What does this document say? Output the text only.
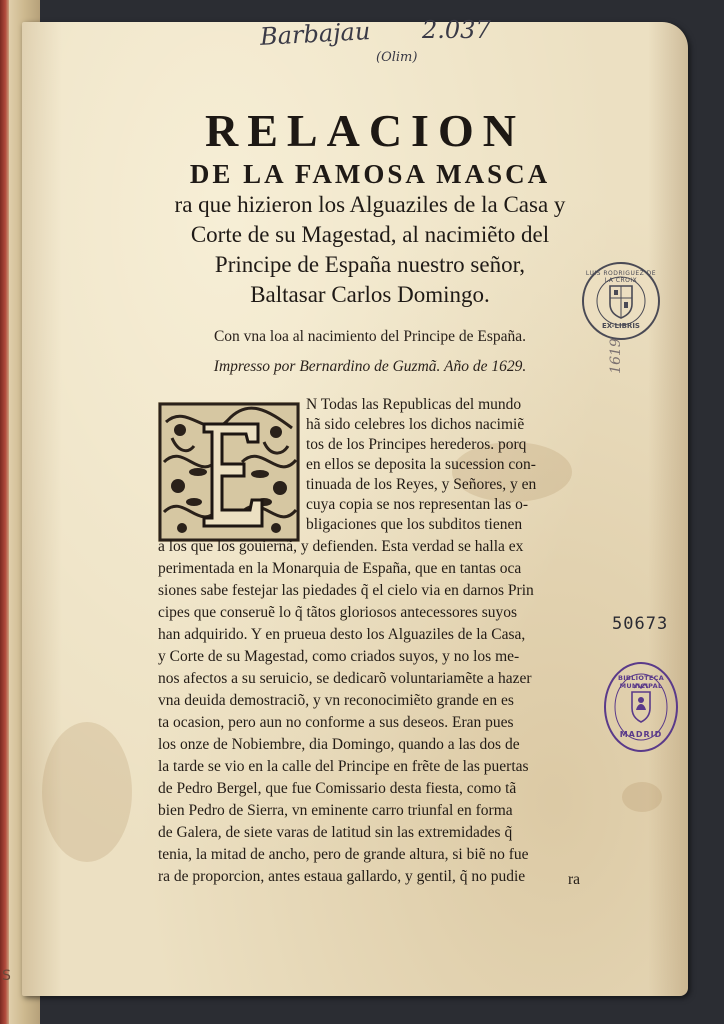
S
Barbajau 2.037
(Olim)
RELACION
DE LA FAMOSA MASCA
ra que hizieron los Alguaziles de la Casa y
Corte de su Magestad, al nacimiẽto del
Principe de España nuestro señor,
Baltasar Carlos Domingo.
Con vna loa al nacimiento del Principe de España.
Impresso por Bernardino de Guzmã. Año de 1629.
N Todas las Republicas del mundo
hã sido celebres los dichos nacimiẽ
tos de los Principes herederos. porq
en ellos se deposita la sucession con-
tinuada de los Reyes, y Señores, y en
cuya copia se nos representan las o-
bligaciones que los subditos tienen
a los que los gouiernã, y defienden. Esta verdad se halla ex
perimentada en la Monarquia de España, que en tantas oca
siones sabe festejar las piedades q̃ el cielo via en darnos Prin
cipes que conseruẽ lo q̃ tãtos gloriosos antecessores suyos
han adquirido. Y en prueua desto los Alguaziles de la Casa,
y Corte de su Magestad, como criados suyos, y no los me-
nos afectos a su seruicio, se dedicarõ voluntariamẽte a hazer
vna deuida demostraciõ, y vn reconocimiẽto grande en es
ta ocasion, pero aun no conforme a sus deseos. Eran pues
los onze de Nobiembre, dia Domingo, quando a las dos de
la tarde se vio en la calle del Principe en frẽte de las puertas
de Pedro Bergel, que fue Comissario desta fiesta, como tã
bien Pedro de Sierra, vn eminente carro triunfal en forma
de Galera, de siete varas de latitud sin las extremidades q̃
tenia, la mitad de ancho, pero de grande altura, si biẽ no fue
ra de proporcion, antes estaua gallardo, y gentil, q̃ no pudie	ra
LUIS RODRIGUEZ DE LA CROIX
EX-LIBRIS
1619
50673
BIBLIOTECA MUNICIPAL
MADRID
